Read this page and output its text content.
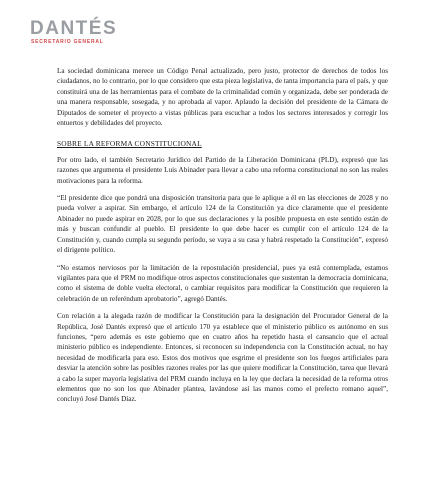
DANTÉS
SECRETARIO GENERAL

La sociedad dominicana merece un Código Penal actualizado, pero justo, protector de derechos de todos los ciudadanos, no lo contrario, por lo que considero que esta pieza legislativa, de tanta importancia para el país, y que constituirá una de las herramientas para el combate de la criminalidad común y organizada, debe ser ponderada de una manera responsable, sosegada, y no aprobada al vapor. Aplaudo la decisión del presidente de la Cámara de Diputados de someter el proyecto a vistas públicas para escuchar a todos los sectores interesados y corregir los entuertos y debilidades del proyecto.

SOBRE LA REFORMA CONSTITUCIONAL

Por otro lado, el también Secretario Jurídico del Partido de la Liberación Dominicana (PLD), expresó que las razones que argumenta el presidente Luis Abinader para llevar a cabo una reforma constitucional no son las reales motivaciones para la reforma.

“El presidente dice que pondrá una disposición transitoria para que le aplique a él en las elecciones de 2028 y no pueda volver a aspirar. Sin embargo, el artículo 124 de la Constitución ya dice claramente que el presidente Abinader no puede aspirar en 2028, por lo que sus declaraciones y la posible propuesta en este sentido están de más y buscan confundir al pueblo. El presidente lo que debe hacer es cumplir con el artículo 124 de la Constitución y, cuando cumpla su segundo período, se vaya a su casa y habrá respetado la Constitución”, expresó el dirigente político.

“No estamos nerviosos por la limitación de la repostulación presidencial, pues ya está contemplada, estamos vigilantes para que el PRM no modifique otros aspectos constitucionales que sustentan la democracia dominicana, como el sistema de doble vuelta electoral, o cambiar requisitos para modificar la Constitución que requieren la celebración de un referéndum aprobatorio”, agregó Dantés.

Con relación a la alegada razón de modificar la Constitución para la designación del Procurador General de la República, José Dantés expresó que el artículo 170 ya establece que el ministerio público es autónomo en sus funciones, “pero además es este gobierno que en cuatro años ha repetido hasta el cansancio que el actual ministerio público es independiente. Entonces, si reconocen su independencia con la Constitución actual, no hay necesidad de modificarla para eso. Estos dos motivos que esgrime el presidente son los fuegos artificiales para desviar la atención sobre las posibles razones reales por las que quiere modificar la Constitución, tarea que llevará a cabo la super mayoría legislativa del PRM cuando incluya en la ley que declara la necesidad de la reforma otros elementos que no son los que Abinader plantea, lavándose así las manos como el prefecto romano aquel”, concluyó José Dantés Díaz.
